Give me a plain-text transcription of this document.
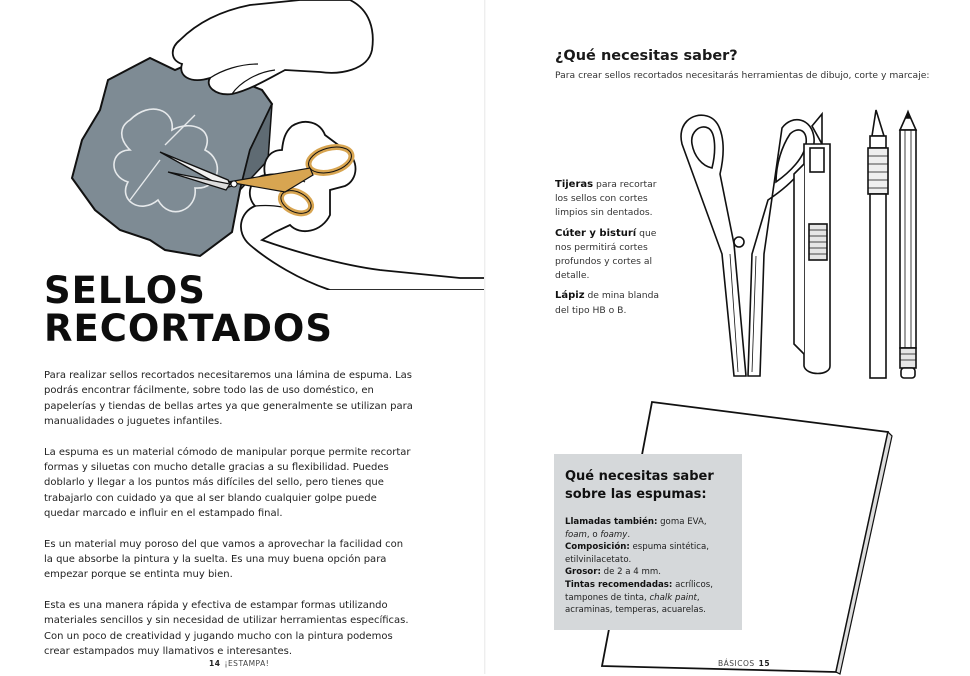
SELLOS
RECORTADOS

Para realizar sellos recortados necesitaremos una lámina de espuma. Las podrás encontrar fácilmente, sobre todo las de uso doméstico, en papelerías y tiendas de bellas artes ya que generalmente se utilizan para manualidades o juguetes infantiles.

La espuma es un material cómodo de manipular porque permite recortar formas y siluetas con mucho detalle gracias a su flexibilidad. Puedes doblarlo y llegar a los puntos más difíciles del sello, pero tienes que trabajarlo con cuidado ya que al ser blando cualquier golpe puede quedar marcado e influir en el estampado final.

Es un material muy poroso del que vamos a aprovechar la facilidad con la que absorbe la pintura y la suelta. Es una muy buena opción para empezar porque se entinta muy bien.

Esta es una manera rápida y efectiva de estampar formas utilizando materiales sencillos y sin necesidad de utilizar herramientas específicas. Con un poco de creatividad y jugando mucho con la pintura podemos crear estampados muy llamativos e interesantes.

14 ¡ESTAMPA!
¿Qué necesitas saber?
Para crear sellos recortados necesitarás herramientas de dibujo, corte y marcaje:
Tijeras para recortar los sellos con cortes limpios sin dentados.
Cúter y bisturí que nos permitirá cortes profundos y cortes al detalle.
Lápiz de mina blanda del tipo HB o B.
Qué necesitas saber sobre las espumas:
Llamadas también: goma EVA, foam, o foamy.
Composición: espuma sintética, etilvinilacetato.
Grosor: de 2 a 4 mm.
Tintas recomendadas: acrílicos, tampones de tinta, chalk paint, acraminas, temperas, acuarelas.
BÁSICOS 15
